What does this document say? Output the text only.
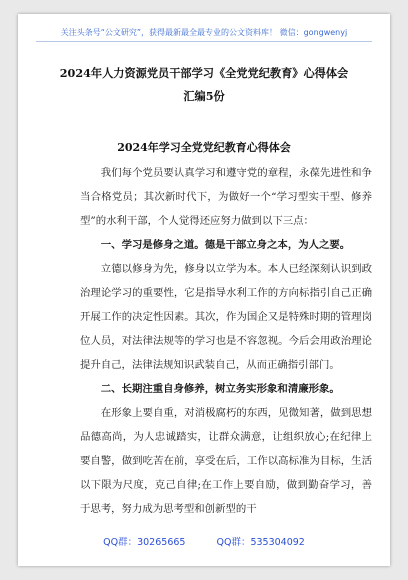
关注头条号“公文研究”，获得最新最全最专业的公文资料库！ 微信：gongwenyj
2024年人力资源党员干部学习《全党党纪教育》心得体会
汇编5份
2024年学习全党党纪教育心得体会

我们每个党员要认真学习和遵守党的章程，永葆先进性和争当合格党员；其次新时代下，为做好一个“学习型实干型、修养型”的水利干部，个人觉得还应努力做到以下三点：

一、学习是修身之道。德是干部立身之本，为人之要。

立德以修身为先，修身以立学为本。本人已经深刻认识到政治理论学习的重要性，它是指导水利工作的方向标指引自己正确开展工作的决定性因素。其次，作为国企又是特殊时期的管理岗位人员，对法律法规等的学习也是不容忽视。今后会用政治理论提升自己，法律法规知识武装自己，从而正确指引部门。

二、长期注重自身修养，树立务实形象和清廉形象。

在形象上要自重，对消极腐朽的东西，见微知著，做到思想品德高尚，为人忠诚踏实，让群众满意，让组织放心;在纪律上要自警，做到吃苦在前，享受在后，工作以高标准为目标，生活以下限为尺度，克己自律;在工作上要自励，做到勤奋学习，善于思考，努力成为思考型和创新型的干

QQ群：30265665	QQ群：535304092
